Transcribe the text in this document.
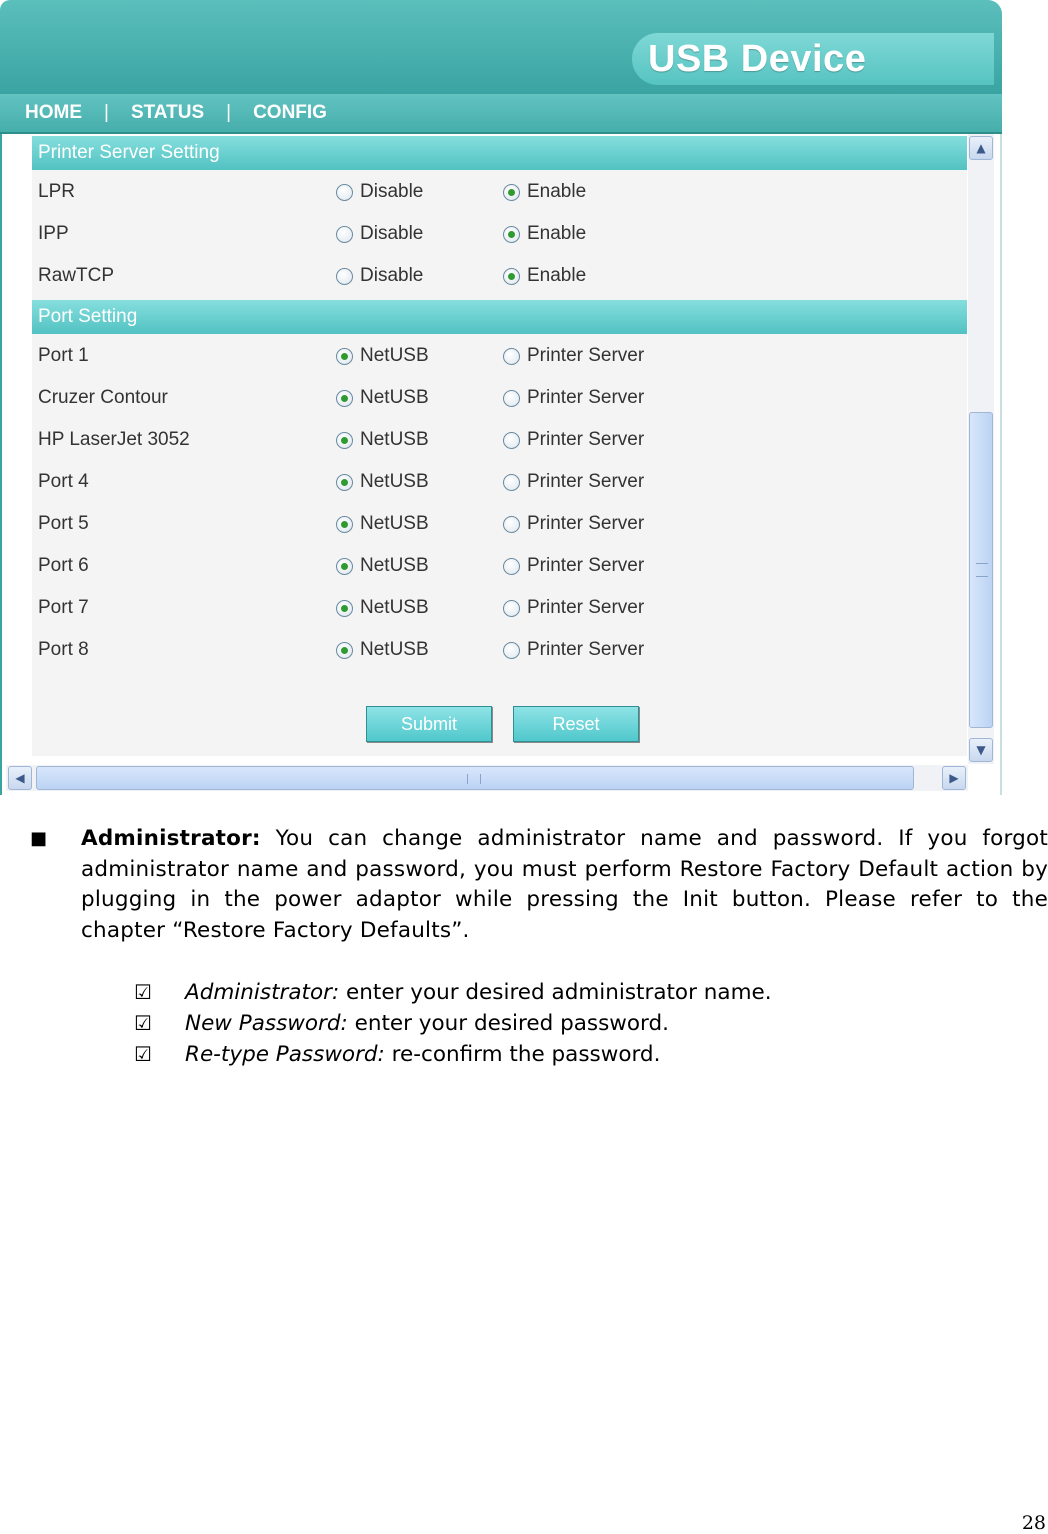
USB Device
HOME | STATUS | CONFIG
Printer Server Setting
LPR	Disable	Enable
IPP	Disable	Enable
RawTCP	Disable	Enable
Port Setting
Port 1	NetUSB	Printer Server
Cruzer Contour	NetUSB	Printer Server
HP LaserJet 3052	NetUSB	Printer Server
Port 4	NetUSB	Printer Server
Port 5	NetUSB	Printer Server
Port 6	NetUSB	Printer Server
Port 7	NetUSB	Printer Server
Port 8	NetUSB	Printer Server
Submit	Reset
▲
▼
◀	▶
■ Administrator: You can change administrator name and password. If you forgot administrator name and password, you must perform Restore Factory Default action by plugging in the power adaptor while pressing the Init button. Please refer to the chapter “Restore Factory Defaults”.
☑ Administrator: enter your desired administrator name.
☑ New Password: enter your desired password.
☑ Re-type Password: re-confirm the password.
28
